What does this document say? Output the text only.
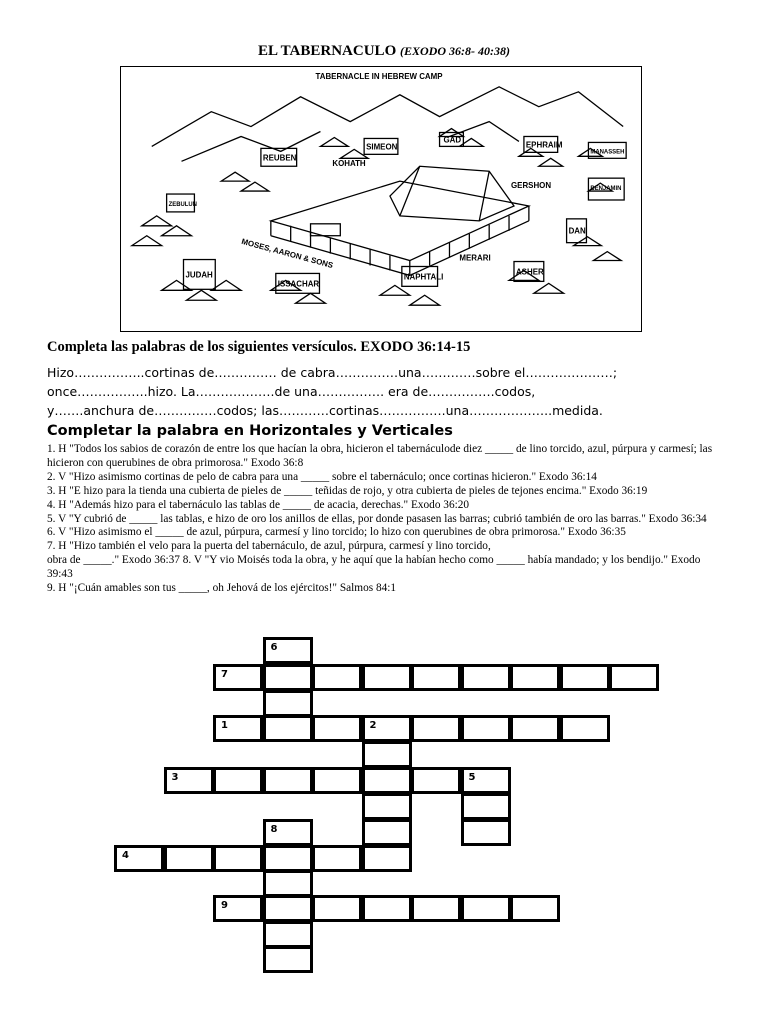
EL TABERNACULO (EXODO 36:8- 40:38)
TABERNACLE IN HEBREW CAMP
REUBEN
SIMEON
GAD
EPHRAIM
MANASSEH
BENJAMIN
ZEBULUN
KOHATH
GERSHON
MOSES, AARON & SONS	MERARI
DAN
JUDAH
ISSACHAR
NAPHTALI
ASHER
Completa las palabras de los siguientes versículos. EXODO 36:14-15
Hizo……………..cortinas de…………… de cabra……………una…….……sobre el…………………;
once……………..hizo. La……………….de una……………. era de…………….codos,
y…….anchura de……………codos; las…………cortinas…………….una………………..medida.
Completar la palabra en Horizontales y Verticales
1. H "Todos los sabios de corazón de entre los que hacían la obra, hicieron el tabernáculode diez _____ de lino torcido, azul, púrpura y carmesí; las hicieron con querubines de obra primorosa." Exodo 36:8
2. V "Hizo asimismo cortinas de pelo de cabra para una _____ sobre el tabernáculo; once cortinas hicieron." Exodo 36:14
3. H "E hizo para la tienda una cubierta de pieles de _____ teñidas de rojo, y otra cubierta de pieles de tejones encima." Exodo 36:19
4. H "Además hizo para el tabernáculo las tablas de _____ de acacia, derechas." Exodo 36:20
5. V "Y cubrió de _____ las tablas, e hizo de oro los anillos de ellas, por donde pasasen las barras; cubrió también de oro las barras." Exodo 36:34
6. V "Hizo asimismo el _____ de azul, púrpura, carmesí y lino torcido; lo hizo con querubines de obra primorosa." Exodo 36:35
7. H "Hizo también el velo para la puerta del tabernáculo, de azul, púrpura, carmesí y lino torcido,
obra de _____." Exodo 36:37 8. V "Y vio Moisés toda la obra, y he aquí que la habían hecho como _____ había mandado; y los bendijo." Exodo 39:43
9. H "¡Cuán amables son tus _____, oh Jehová de los ejércitos!" Salmos 84:1
6
7
1	2
3	5
8
4
9
